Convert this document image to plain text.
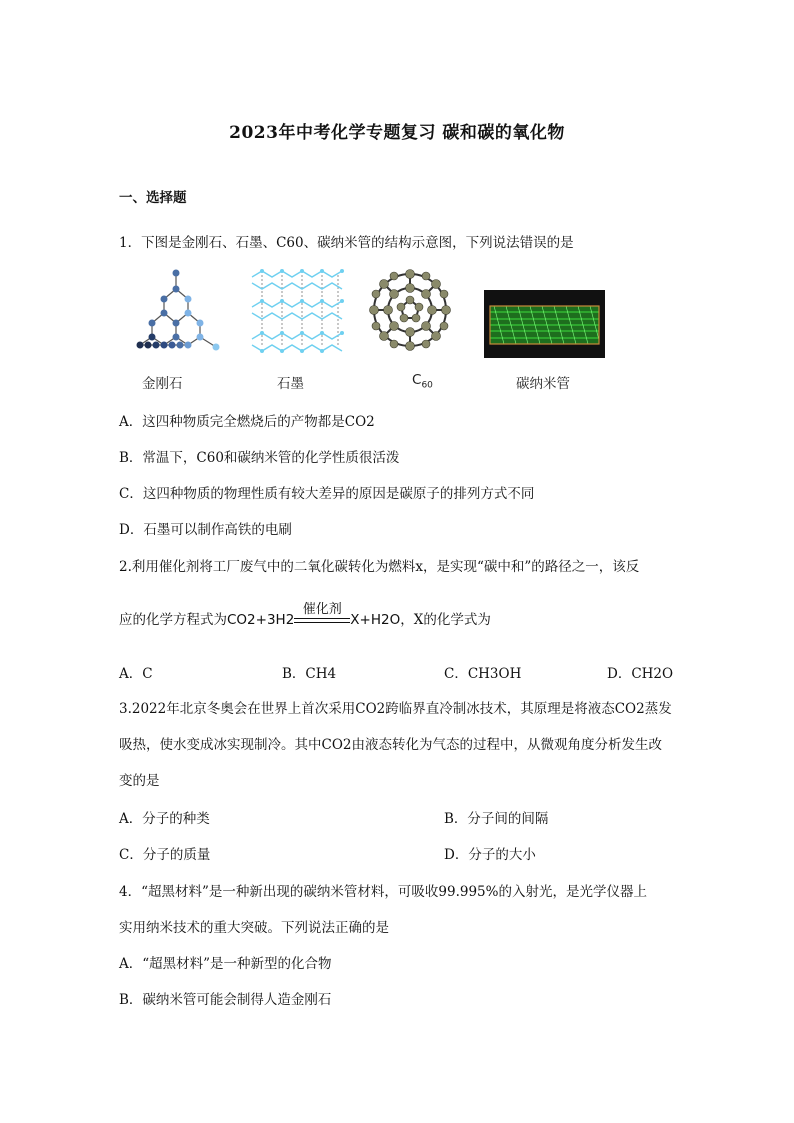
2023年中考化学专题复习 碳和碳的氧化物
一、选择题
1．下图是金刚石、石墨、C60、碳纳米管的结构示意图，下列说法错误的是
金刚石	石墨	$C_{60}$	碳纳米管
A．这四种物质完全燃烧后的产物都是CO2
B．常温下，C60和碳纳米管的化学性质很活泼
C．这四种物质的物理性质有较大差异的原因是碳原子的排列方式不同
D．石墨可以制作高铁的电刷
2.利用催化剂将工厂废气中的二氧化碳转化为燃料x，是实现“碳中和”的路径之一，该反
应的化学方程式为CO2+3H2
催化剂
X+H2O，X的化学式为
A．C	B．CH4	C．CH3OH	D．CH2O
3.2022年北京冬奥会在世界上首次采用CO2跨临界直冷制冰技术，其原理是将液态CO2蒸发
吸热，使水变成冰实现制冷。其中CO2由液态转化为气态的过程中，从微观角度分析发生改
变的是
A．分子的种类	B．分子间的间隔
C．分子的质量	D．分子的大小
4．“超黑材料”是一种新出现的碳纳米管材料，可吸收99.995%的入射光，是光学仪器上
实用纳米技术的重大突破。下列说法正确的是
A．“超黑材料”是一种新型的化合物
B．碳纳米管可能会制得人造金刚石
